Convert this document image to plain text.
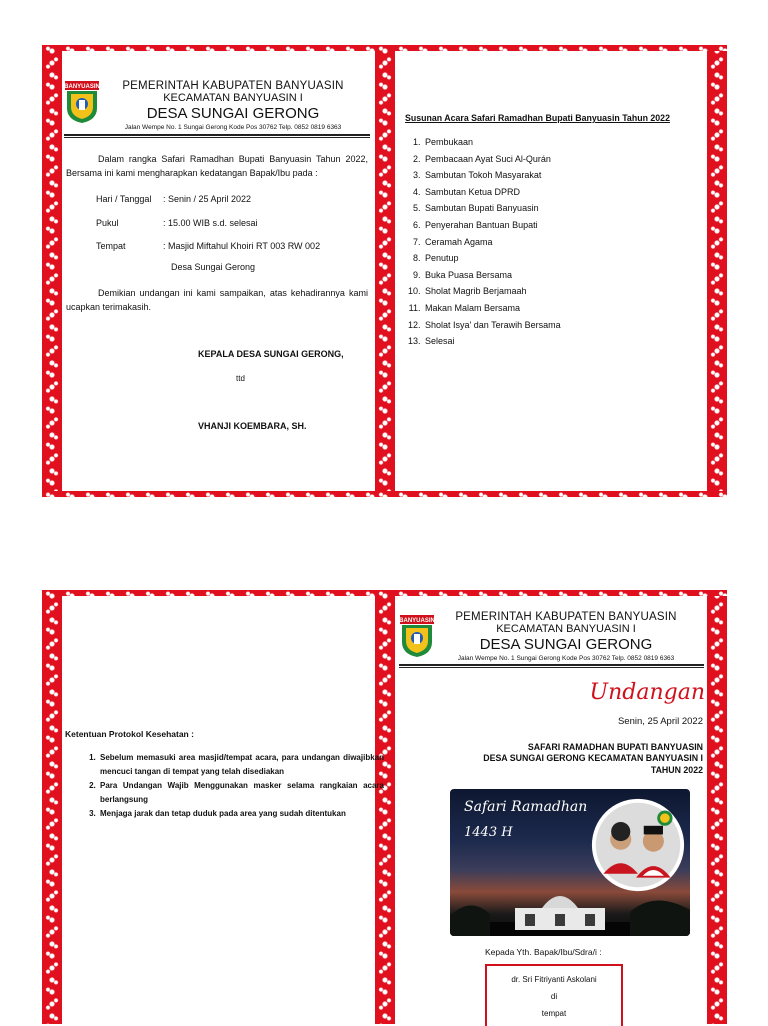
BANYUASIN	PEMERINTAH KABUPATEN BANYUASIN
KECAMATAN BANYUASIN I
DESA SUNGAI GERONG
Jalan Wempe No. 1 Sungai Gerong Kode Pos 30762 Telp. 0852 0819 6363
Dalam rangka Safari Ramadhan Bupati Banyuasin Tahun 2022, Bersama ini kami mengharapkan kedatangan Bapak/Ibu pada :
Hari / Tanggal : Senin / 25 April 2022
Pukul	: 15.00 WIB s.d. selesai
Tempat	: Masjid Miftahul Khoiri RT 003 RW 002
Desa Sungai Gerong
Demikian undangan ini kami sampaikan, atas kehadirannya kami ucapkan terimakasih.
KEPALA DESA SUNGAI GERONG,
ttd
VHANJI KOEMBARA, SH.
Susunan Acara Safari Ramadhan Bupati Banyuasin Tahun 2022
1. Pembukaan
2. Pembacaan Ayat Suci Al-Qurán
3. Sambutan Tokoh Masyarakat
4. Sambutan Ketua DPRD
5. Sambutan Bupati Banyuasin
6. Penyerahan Bantuan Bupati
7. Ceramah Agama
8. Penutup
9. Buka Puasa Bersama
10. Sholat Magrib Berjamaah
11. Makan Malam Bersama
12. Sholat Isya' dan Terawih Bersama
13. Selesai
Ketentuan Protokol Kesehatan :
1. Sebelum memasuki area masjid/tempat acara, para undangan diwajibkan mencuci tangan di tempat yang telah disediakan
2. Para Undangan Wajib Menggunakan masker selama rangkaian acara berlangsung
3. Menjaga jarak dan tetap duduk pada area yang sudah ditentukan
BANYUASIN	PEMERINTAH KABUPATEN BANYUASIN
KECAMATAN BANYUASIN I
DESA SUNGAI GERONG
Jalan Wempe No. 1 Sungai Gerong Kode Pos 30762 Telp. 0852 0819 6363
Undangan
Senin, 25 April 2022
SAFARI RAMADHAN BUPATI BANYUASIN
DESA SUNGAI GERONG KECAMATAN BANYUASIN I
TAHUN 2022
Safari Ramadhan
1443 H
Kepada Yth. Bapak/Ibu/Sdra/i :
dr. Sri Fitriyanti Askolani
di
tempat
